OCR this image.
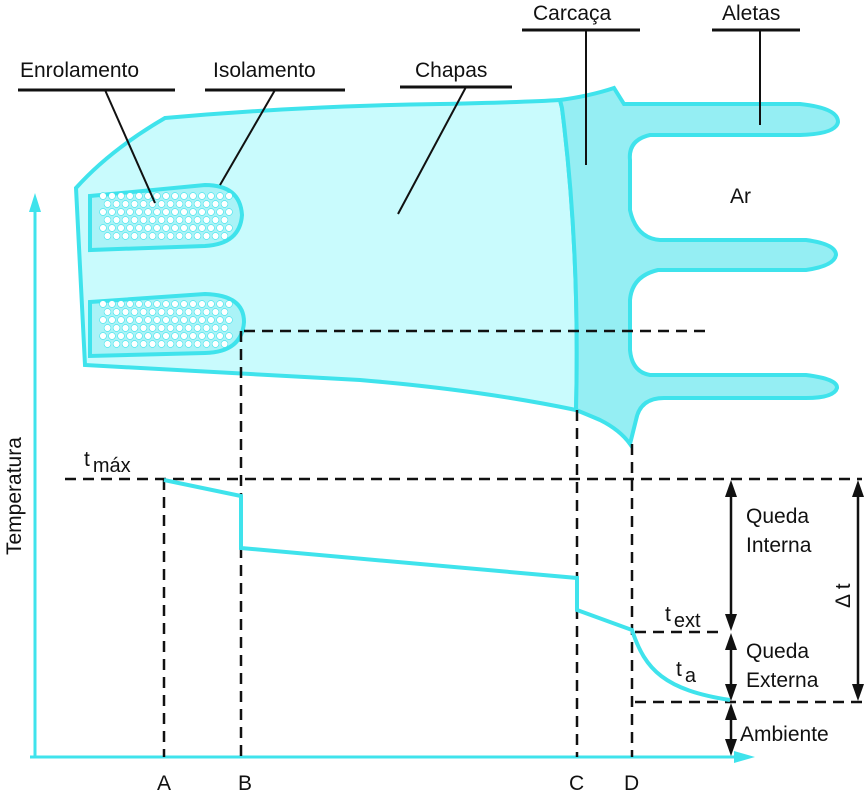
Enrolamento	Isolamento	Chapas
Carcaça	Aletas
Ar
Temperatura	t máx
t ext
t a
Queda
Interna
Queda
Externa
Ambiente
Δ t
A	B	C D
